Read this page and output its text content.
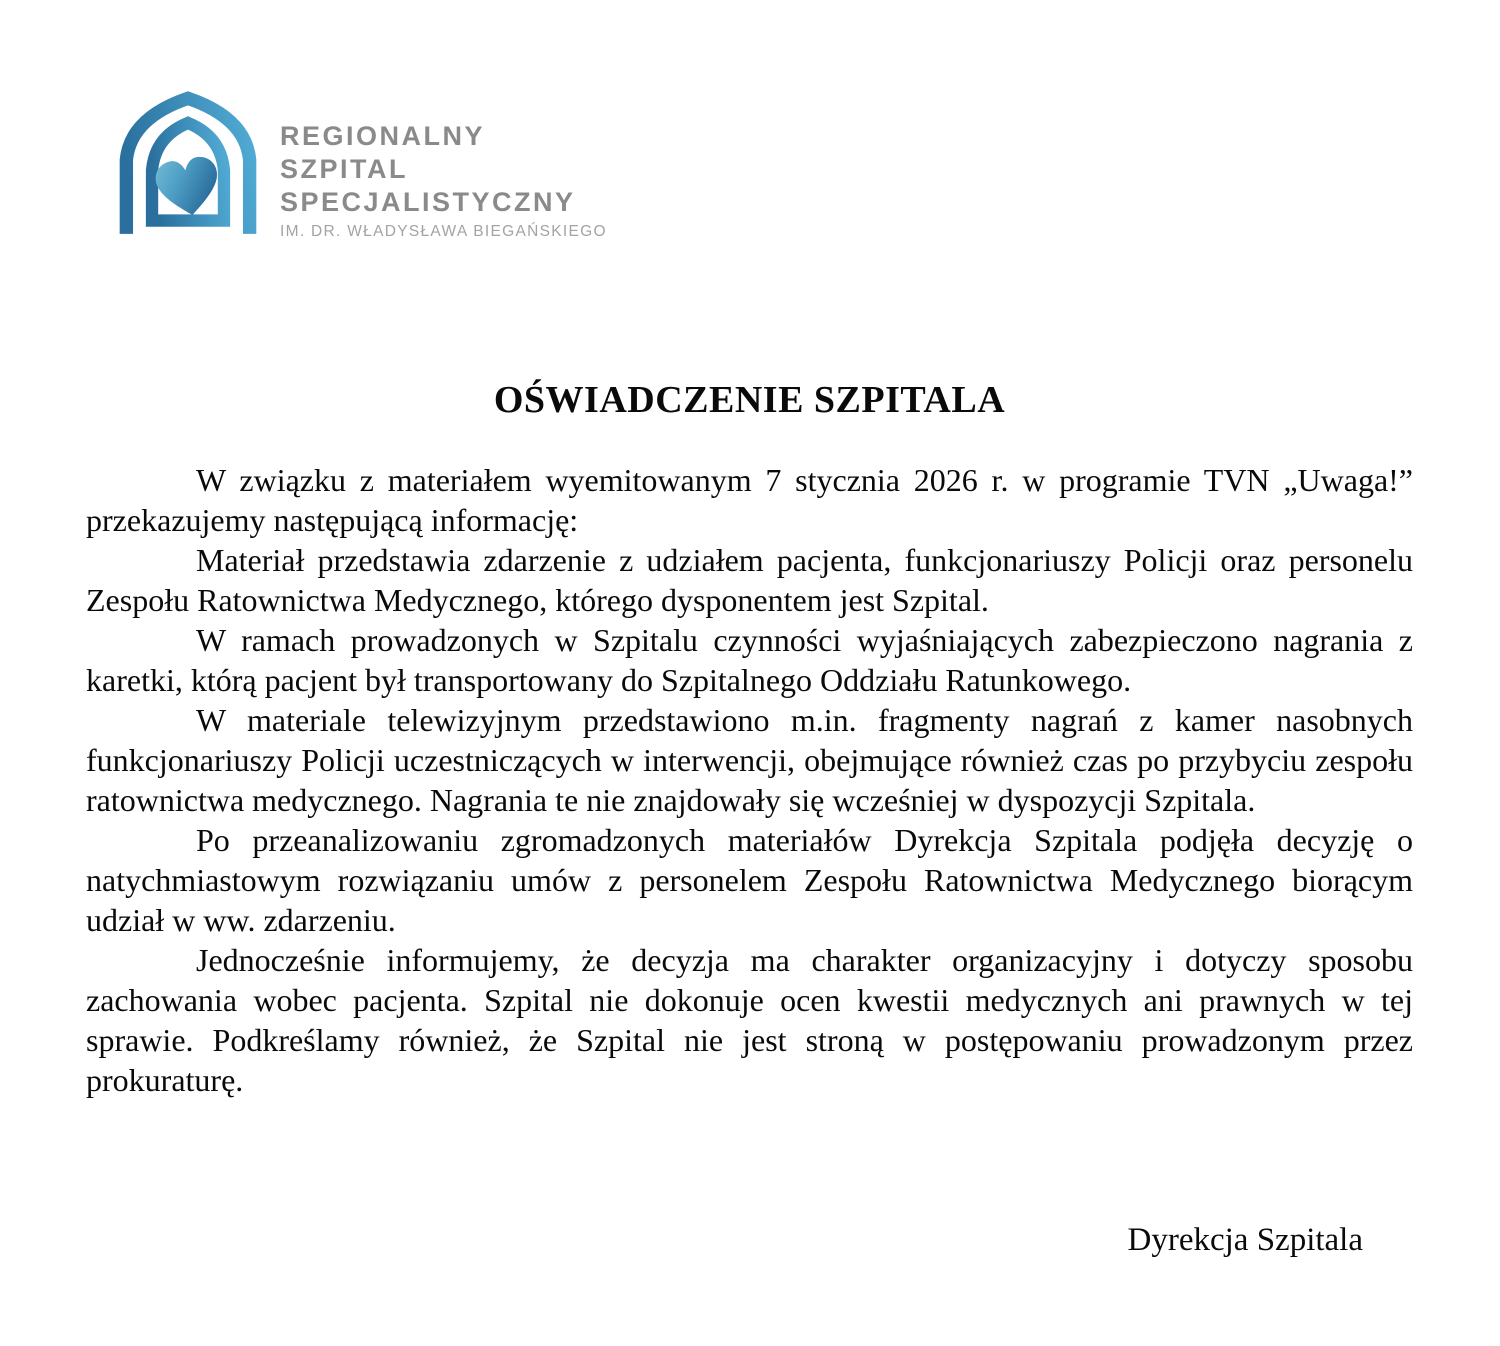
REGIONALNY
SZPITAL
SPECJALISTYCZNY
IM. DR. WŁADYSŁAWA BIEGAŃSKIEGO
OŚWIADCZENIE SZPITALA

W związku z materiałem wyemitowanym 7 stycznia 2026 r. w programie TVN „Uwaga!” przekazujemy następującą informację:

Materiał przedstawia zdarzenie z udziałem pacjenta, funkcjonariuszy Policji oraz personelu Zespołu Ratownictwa Medycznego, którego dysponentem jest Szpital.

W ramach prowadzonych w Szpitalu czynności wyjaśniających zabezpieczono nagrania z karetki, którą pacjent był transportowany do Szpitalnego Oddziału Ratunkowego.

W materiale telewizyjnym przedstawiono m.in. fragmenty nagrań z kamer nasobnych funkcjonariuszy Policji uczestniczących w interwencji, obejmujące również czas po przybyciu zespołu ratownictwa medycznego. Nagrania te nie znajdowały się wcześniej w dyspozycji Szpitala.

Po przeanalizowaniu zgromadzonych materiałów Dyrekcja Szpitala podjęła decyzję o natychmiastowym rozwiązaniu umów z personelem Zespołu Ratownictwa Medycznego biorącym udział w ww. zdarzeniu.

Jednocześnie informujemy, że decyzja ma charakter organizacyjny i dotyczy sposobu zachowania wobec pacjenta. Szpital nie dokonuje ocen kwestii medycznych ani prawnych w tej sprawie. Podkreślamy również, że Szpital nie jest stroną w postępowaniu prowadzonym przez prokuraturę.

Dyrekcja Szpitala
